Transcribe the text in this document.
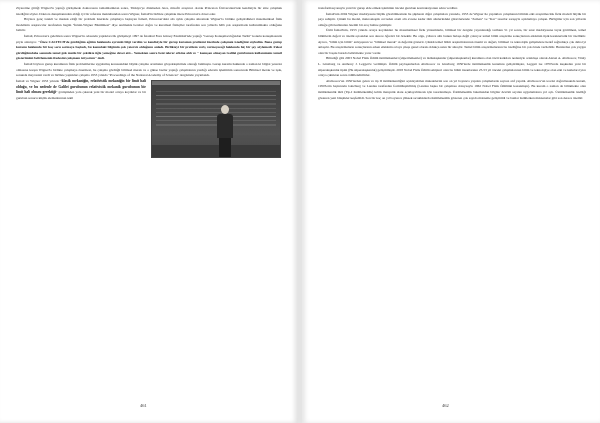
Ziyaretine gittiği Wigner'la yaptığı görüşmede doktorasını tamamladıktan sonra, Türkiye'ye dönmeden önce, misafir araştırıcı olarak Princeton Üniversitesi'nde kendisiyle bir süre çalışmak istediğini söyler. Doktora danışmanından aldığı iyi bir referans mektubundan sonra Wigner, İsmail'in birlikte çalışmak üzere Princeton'a davet eder.

Böylece genç istekli ve meslek ettiği bir problem üzerinde çalışmaya başlayan İsmail, Princeton'daki altı aylık çalışma süresinde Wigner'la birlikte geliştirdikleri matematiksel fizik modelinin araştırıcılar tarafından bugün "İnönü-Wigner Büzülmesi" diye anılmakla beraber doğru ve kuramsal fizikçiler tarafından son yıllarda hâlâ çok araştırmada kullanılmakta olduğunu belirtir.

İsmail, Princeton'a gelebilen sonra Wigner'in odasında yaptıkları ilk görüşmeyi 1997 de İstanbul Feza Gürsey Enstitüsü'nde yaptığı "Garsep Konuşmacılığından Tarihi" konulu konuşmasında şöyle anlatıyor. "Önce CALTECH'de gördüğüm eğitim hakkında ayrıntılı bilgi verdim ve kendisiyle bir gurup kuramın problemi üzerinde çalışmak istediğimi söyledim. Bana gurup kuramı hakkında bir kaç soru sormaya başladı, bu konudaki bilgimin çok yetersiz olduğunu anladı. Birlikteyi bir problem veriş vermeyeceği hakkında hiç bir şey söylemedi. Fakat gördüğümdaha sonunda temel gök mutlu bir çektikte üğle yemeğine davet etti... Yemekten sonra beni tekrar ofisine aldı ve " konuşan olmayan Galilei gurubunun kullanımımı temsil gösterimimi belirlemenin ifadesini çalışmanı istiyorum" dedi.

İsmail böylece gurup kuramının fizik problemlerine uygulamış konusundaki büyük çalışma ortamının gösyekleştirmek olanağı bulmuştu. Gurup kuramı hakkında o zaman ki bilgisi yetersiz olmasına karşın Wigner'la birlikte çalışmaya önermesi, bu çalışma gördüğü bilimsel merak ve o günse bazlar yaptığı çalışmaların yazdığı edersin işlemimin sonucunda Bilimsel merak ve işde, sonunda meyvesini verdi ve birlikte yaptıkları çalışma 1953 yılında "Proceedings of the National Academy of Sciences" dergisinde yayınlandı.

İsmail ve Wigner 1953 yılında "klasik mekaniğin, relativistik mekaniğin bir limit hali olduğu, ve bu nedenle de Galilei gurubunun relativistik mekanik gurubunun bir limit hali olması gerektiği" görüşünden yola çıkarak yeni bir model ortaya koydular ve bir gurubun sonucu küçük elemanlarının tekil
461

transformasyonuyla yeni bir gurup elde etmek işleminin önceki gurubun kontraksiyonun adını verdiler.

İsmail'nin 2004 Wigner madalyasını büyük görebilmesinde bu şüphesiz diğer çalışmaları yanında, 1953 de Wigner ile yaptıkları çalışmanın bilimin etki araştırmacılık fizik modeli büyük bir payı sahiptir. Çünkü bu model, makroskopik cevreden atom altı evrene kadar tüm ailelerindeki gürevleriende "Zaman" ve "Kar" tasarlar sarışıyla açıklamaya çalışan. Birligüler için son yıllarda olduğu gibi kullanılan önemli bir araç haline gelmiştir.

Ünlü İsmail'nin, 1953 yılında ortaya koydukları bu matematiksel fizik yöntemlerin, bilimsel bir dergide yayınlandığı tarihten 51 yıl sonra, bir sınır madalyasına layık görülmesi, temel bilimlerin değeri ve önemi açısından son derece öğretici bir örnektir. Bu olgu, yıllarca alttı bunun bulaşa değil çılarıyor temel bilim araştırma sonuçlarının etkisinin tipik karakteristik bir özelliktir. Ayrıca, "bilim için bilim" anlayışının ve "bilimsel merak" ın değerini gösterir. Çünkü temel bilim araştırmalarının önemi ve değeri, bilimsel ve teknolojik gelişmelere hedef sağladıkça çok daha iyi anlaşılır. Bu araştırmaların sonuçlarının erken etkisinin ortaya çıkışı genel olarak oldukça uzun bir süreçtir. Temel bilim araştırmalarının bu özelliğine bir çok örnek verilebilir. Bunlardan çok yaygın olan bir başını burada belirtmekte yarar vardır.

Bilindiği gibi 2003 Nobel Fizik Ödülü üstüiletkenleri (süperiletkenler) ve üstüakışkanlar (süperakışkanlar) kuramına olan öncü katkıları nedeniyle ortaklaşa olarak Alexei A. Abrikosov, Vitaly L. Ginzburg ve Anthony J. Leggett'e verilmişti. Ödülü paylaşanlardan Abrikosov ve Ginzburg 1950'lerde üstüiletkenlik kuramını geliştirmişler, Leggett ise 1970'lerde kuşkudan yeni bir süperakışkanlık tipini (He süperakışkanlık) geliştirmiştir. 2003 Nobel Fizik Ödülü sahipleri olan bu bilim insanlarının 25-53 yıl önceki çalışmalarının bilim ve teknolojiye olan etki ve katkıları iyice ortaya çıktıktan sonra ödüllendirilirler.

Abrikosov'un 1950'lerden gelen ve tip II üstüiletkenliğini açıklayabilen makalelerini son on yıl boyunca yapılan çalışmalarda sayısız atıf yapıldı. Abrikosov'un teorisi doğrultusunda kuram, 1950'lerin başlarında Ginzburg ve Landau tarafından formülleştirilmiş (Landau başka bir çalışması dolayısıyla 1962 Nobel Fizik Ödülünü kazanmıştı). Bu kuram o zaman da bilinmekte olan üstüiletkenlik türü (Tip-I üstüiletkenlik) kritik manyetik alanı açıklayabilecek için tasarlanmıştı. Üstüiletkenlik bakımından bilgiler devrim sayılan uygulamalara yol açtı. Üstüiletkenlik özelliği gösteren yeni bileşikler keşfedildi. Son bir kaç on yıl boyunca yüksek sıcaklıklarda üstüiletkenlik gösteren çok sayıda malzeme geliştirildi ve bunlar üstüiletken mıknatıslar gibi son derece önemli

462
